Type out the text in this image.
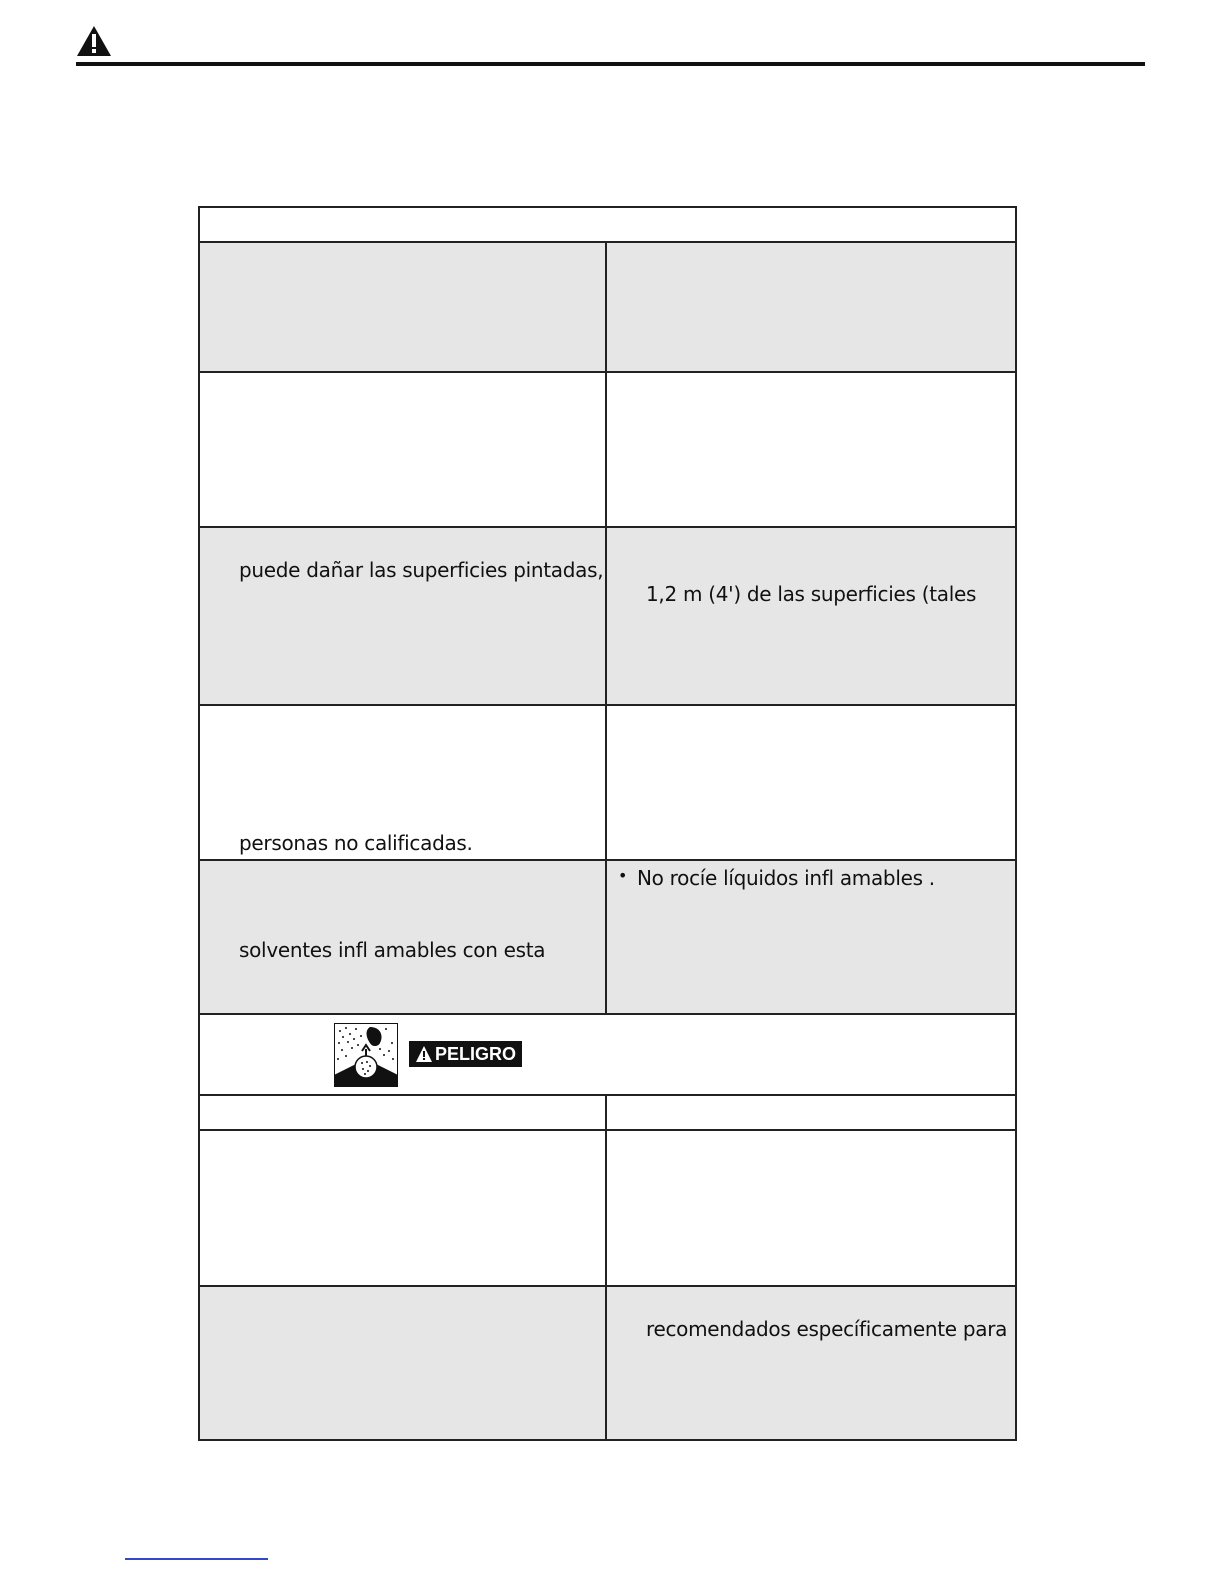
puede dañar las superficies pintadas,
1,2 m (4') de las superficies (tales
personas no calificadas.
solventes infl amables con esta
• No rocíe líquidos infl amables .
PELIGRO
recomendados específicamente para
